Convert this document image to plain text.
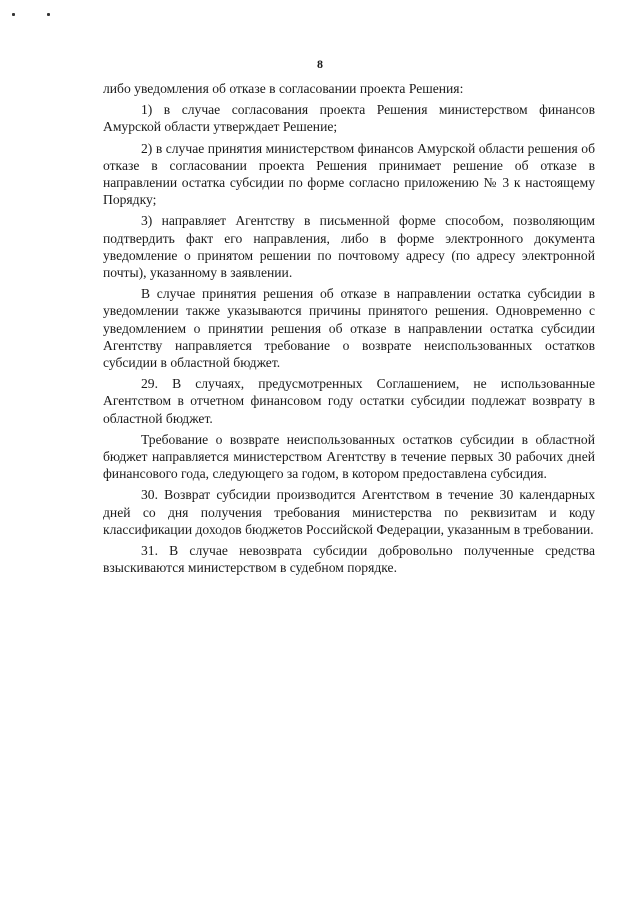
8

либо уведомления об отказе в согласовании проекта Решения:

1) в случае согласования проекта Решения министерством финансов Амурской области утверждает Решение;

2) в случае принятия министерством финансов Амурской области решения об отказе в согласовании проекта Решения принимает решение об отказе в направлении остатка субсидии по форме согласно приложению № 3 к настоящему Порядку;

3) направляет Агентству в письменной форме способом, позволяющим подтвердить факт его направления, либо в форме электронного документа уведомление о принятом решении по почтовому адресу (по адресу электронной почты), указанному в заявлении.

В случае принятия решения об отказе в направлении остатка субсидии в уведомлении также указываются причины принятого решения. Одновременно с уведомлением о принятии решения об отказе в направлении остатка субсидии Агентству направляется требование о возврате неиспользованных остатков субсидии в областной бюджет.

29. В случаях, предусмотренных Соглашением, не использованные Агентством в отчетном финансовом году остатки субсидии подлежат возврату в областной бюджет.

Требование о возврате неиспользованных остатков субсидии в областной бюджет направляется министерством Агентству в течение первых 30 рабочих дней финансового года, следующего за годом, в котором предоставлена субсидия.

30. Возврат субсидии производится Агентством в течение 30 календарных дней со дня получения требования министерства по реквизитам и коду классификации доходов бюджетов Российской Федерации, указанным в требовании.

31. В случае невозврата субсидии добровольно полученные средства взыскиваются министерством в судебном порядке.
